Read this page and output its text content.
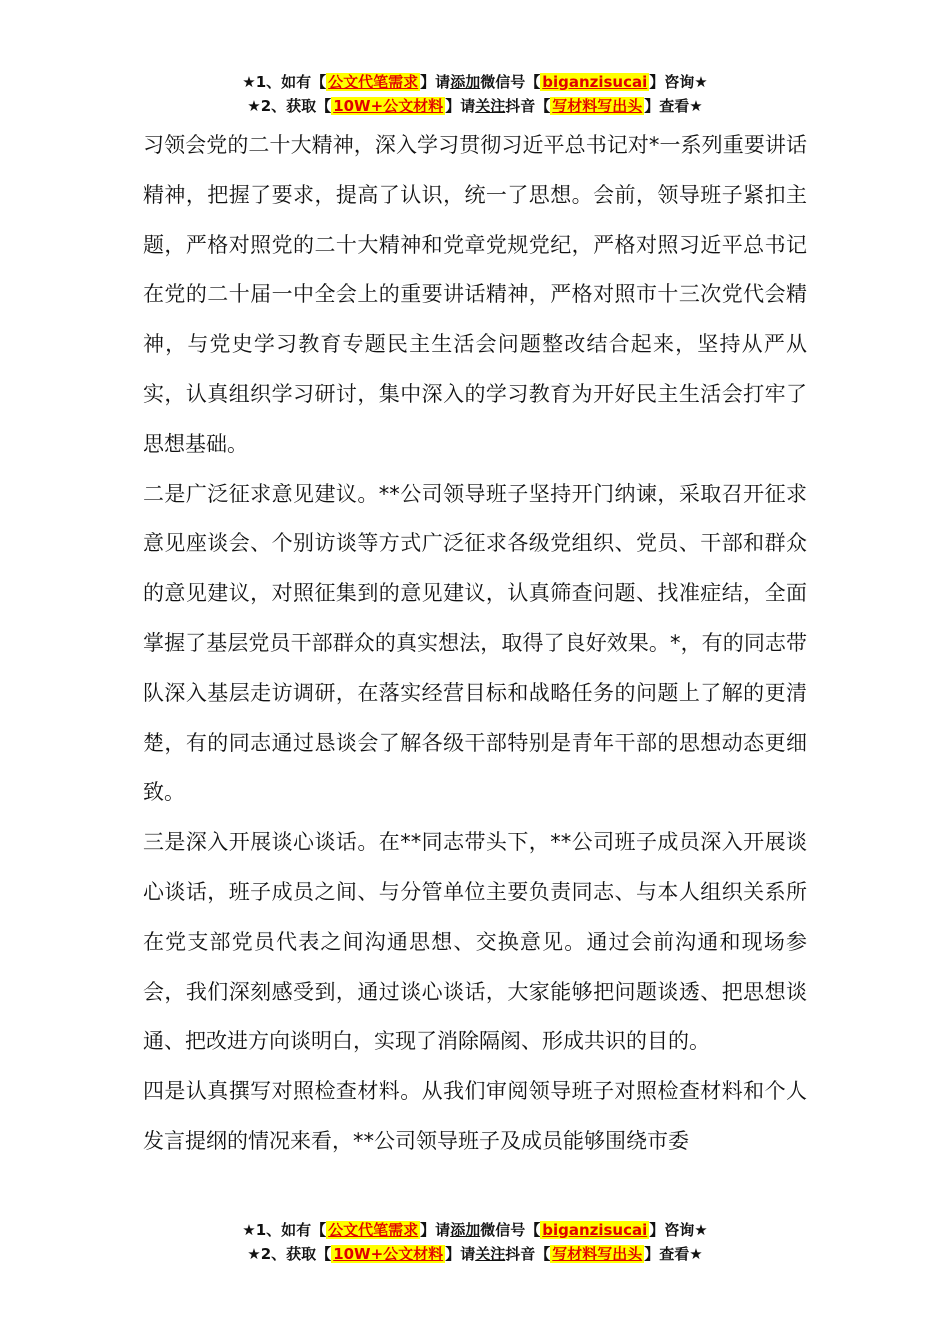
★1、如有【 公文代笔需求 】请添加微信号【 biganzisucai 】咨询★
★2、获取【 10W+公文材料 】请关注抖音【 写材料写出头 】查看★

习领会党的二十大精神，深入学习贯彻习近平总书记对*一系列重要讲话精神，把握了要求，提高了认识，统一了思想。会前，领导班子紧扣主题，严格对照党的二十大精神和党章党规党纪，严格对照习近平总书记在党的二十届一中全会上的重要讲话精神，严格对照市十三次党代会精神，与党史学习教育专题民主生活会问题整改结合起来，坚持从严从实，认真组织学习研讨，集中深入的学习教育为开好民主生活会打牢了思想基础。

二是广泛征求意见建议。**公司领导班子坚持开门纳谏，采取召开征求意见座谈会、个别访谈等方式广泛征求各级党组织、党员、干部和群众的意见建议，对照征集到的意见建议，认真筛查问题、找准症结，全面掌握了基层党员干部群众的真实想法，取得了良好效果。*，有的同志带队深入基层走访调研，在落实经营目标和战略任务的问题上了解的更清楚，有的同志通过恳谈会了解各级干部特别是青年干部的思想动态更细致。

三是深入开展谈心谈话。在**同志带头下，**公司班子成员深入开展谈心谈话，班子成员之间、与分管单位主要负责同志、与本人组织关系所在党支部党员代表之间沟通思想、交换意见。通过会前沟通和现场参会，我们深刻感受到，通过谈心谈话，大家能够把问题谈透、把思想谈通、把改进方向谈明白，实现了消除隔阂、形成共识的目的。

四是认真撰写对照检查材料。从我们审阅领导班子对照检查材料和个人发言提纲的情况来看，**公司领导班子及成员能够围绕市委

★1、如有【 公文代笔需求 】请添加微信号【 biganzisucai 】咨询★
★2、获取【 10W+公文材料 】请关注抖音【 写材料写出头 】查看★
